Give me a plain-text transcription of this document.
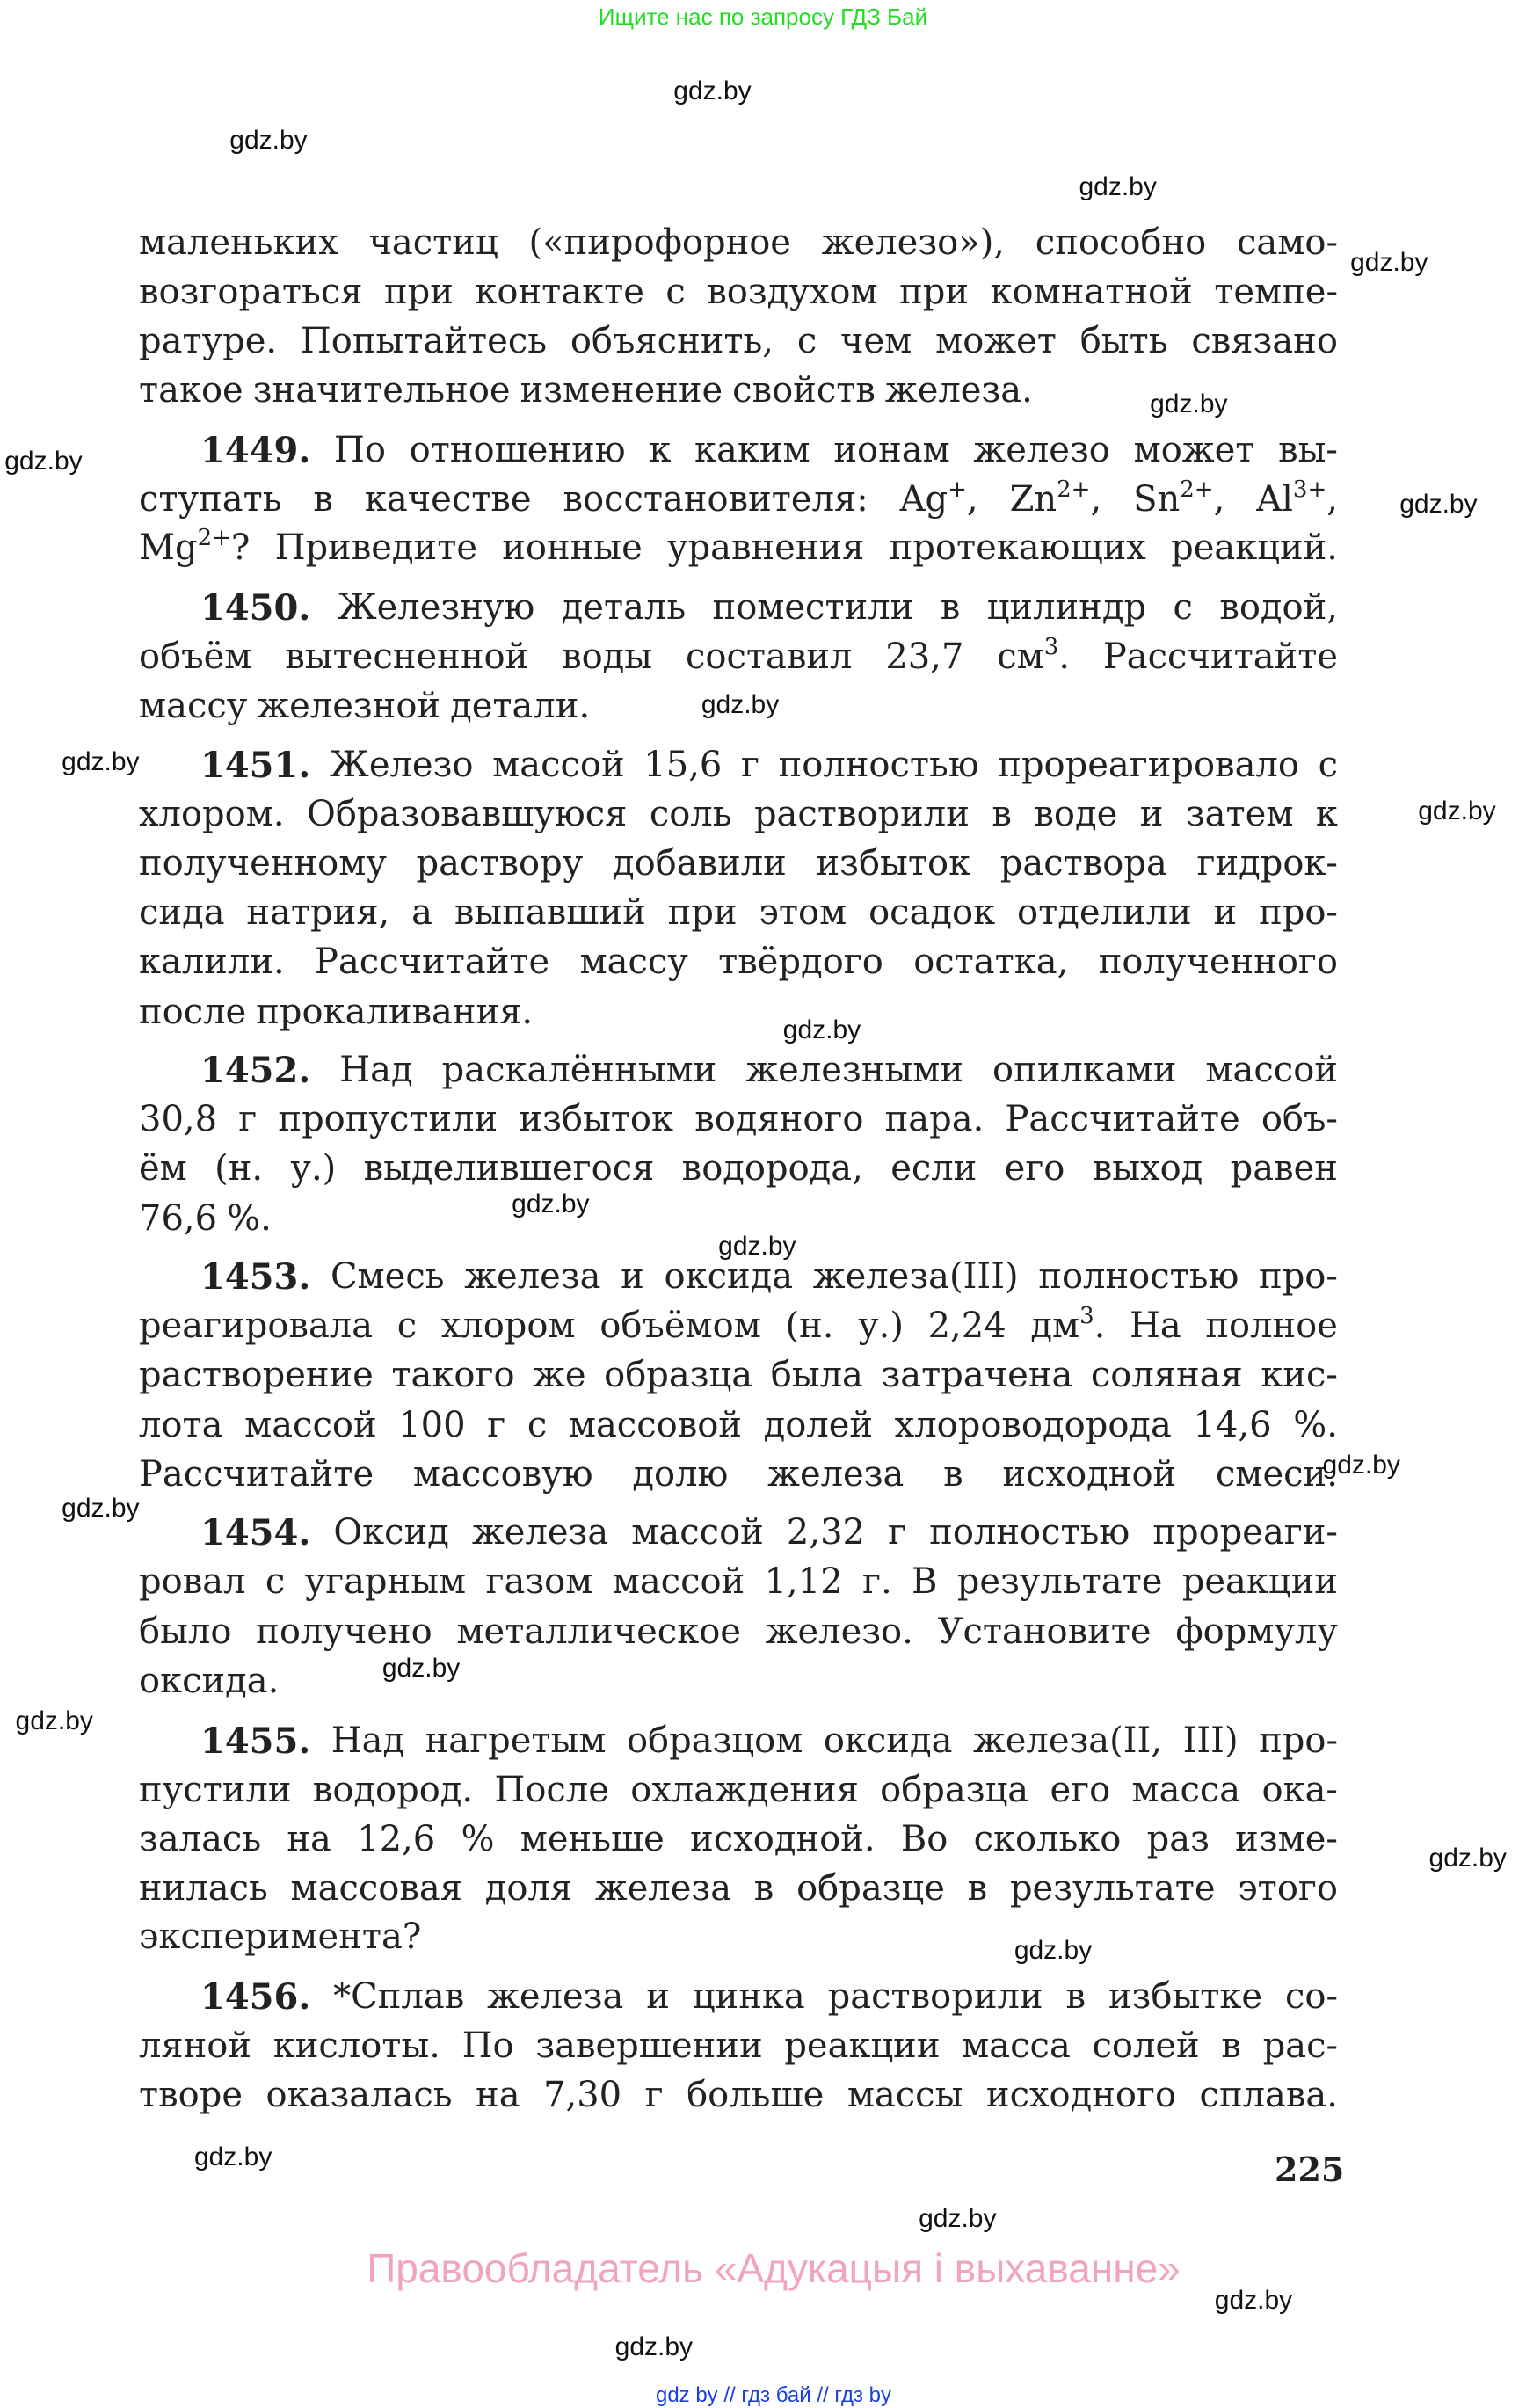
Ищите нас по запросу ГДЗ Бай
маленьких частиц («пирофорное железо»), способно само-
возгораться при контакте с воздухом при комнатной темпе-
ратуре. Попытайтесь объяснить, с чем может быть связано
такое значительное изменение свойств железа.
1449. По отношению к каким ионам железо может вы-
ступать в качестве восстановителя: Ag+, $Zn^{2+}$, $Sn^{2+}$, $Al^{3+}$,
$Mg^{2+}$? Приведите ионные уравнения протекающих реакций.
1450. Железную деталь поместили в цилиндр с водой,
объём вытесненной воды составил 23,7 $см^3$. Рассчитайте
массу железной детали.
1451. Железо массой 15,6 г полностью прореагировало с
хлором. Образовавшуюся соль растворили в воде и затем к
полученному раствору добавили избыток раствора гидрок-
сида натрия, а выпавший при этом осадок отделили и про-
калили. Рассчитайте массу твёрдого остатка, полученного
после прокаливания.
1452. Над раскалёнными железными опилками массой
30,8 г пропустили избыток водяного пара. Рассчитайте объ-
ём (н. у.) выделившегося водорода, если его выход равен
76,6 %.
1453. Смесь железа и оксида железа(III) полностью про-
реагировала с хлором объёмом (н. у.) 2,24 $дм^3$. На полное
растворение такого же образца была затрачена соляная кис-
лота массой 100 г с массовой долей хлороводорода 14,6 %.
Рассчитайте массовую долю железа в исходной смеси.
1454. Оксид железа массой 2,32 г полностью прореаги-
ровал с угарным газом массой 1,12 г. В результате реакции
было получено металлическое железо. Установите формулу
оксида.
1455. Над нагретым образцом оксида железа(II, III) про-
пустили водород. После охлаждения образца его масса ока-
залась на 12,6 % меньше исходной. Во сколько раз изме-
нилась массовая доля железа в образце в результате этого
эксперимента?
1456. *Сплав железа и цинка растворили в избытке со-
ляной кислоты. По завершении реакции масса солей в рас-
творе оказалась на 7,30 г больше массы исходного сплава.
gdz.by
gdz.by
gdz.by
gdz.by
gdz.by
gdz.by
gdz.by
gdz.by
gdz.by
gdz.by
gdz.by
gdz.by
gdz.by
gdz.by
gdz.by
gdz.by
gdz.by
gdz.by
gdz.by
gdz.by
gdz.by
gdz.by
gdz.by
225
Правообладатель «Адукацыя і выхаванне»
gdz by // гдз бай // гдз by
